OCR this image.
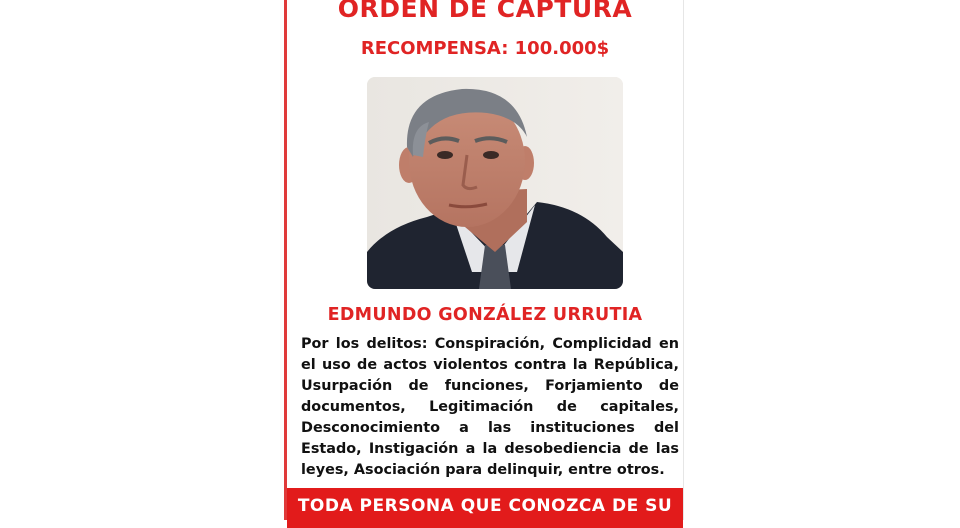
ORDEN DE CAPTURA
RECOMPENSA: 100.000$
EDMUNDO GONZÁLEZ URRUTIA
Por los delitos: Conspiración, Complicidad en el uso de actos violentos contra la República, Usurpación de funciones, Forjamiento de documentos, Legitimación de capitales, Desconocimiento a las instituciones del Estado, Instigación a la desobediencia de las leyes, Asociación para delinquir, entre otros.
TODA PERSONA QUE CONOZCA DE SU
